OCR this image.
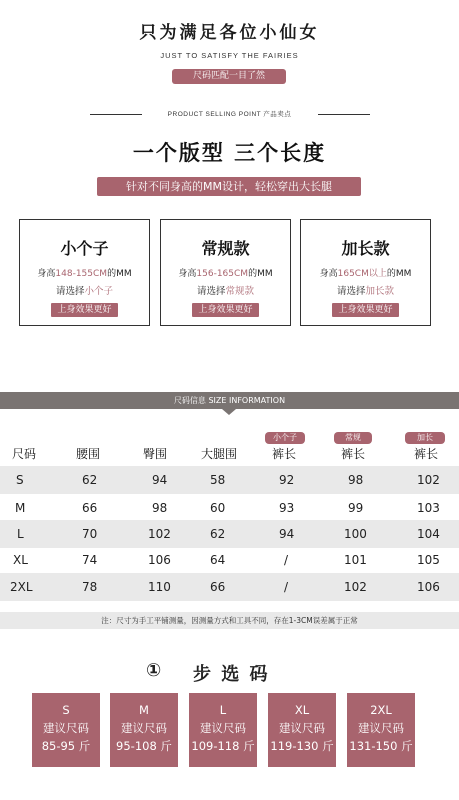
只为满足各位小仙女
JUST TO SATISFY THE FAIRIES
尺码匹配一目了然
PRODUCT SELLING POINT 产品卖点
一个版型 三个长度
针对不同身高的MM设计，轻松穿出大长腿
小个子
身高148-155CM的MM
请选择小个子
上身效果更好
常规款
身高156-165CM的MM
请选择常规款
上身效果更好
加长款
身高165CM以上的MM
请选择加长款
上身效果更好
尺码信息 SIZE INFORMATION
小个子	常规	加长
尺码	腰围	臀围	大腿围	裤长	裤长	裤长
S	62	94	58	92	98	102
M	66	98	60	93	99	103
L	70	102	62	94	100	104
XL	74	106	64	/	101	105
2XL	78	110	66	/	102	106
注：尺寸为手工平铺测量，因测量方式和工具不同，存在1-3CM误差属于正常
① 步 选 码
S
建议尺码
85-95 斤
M
建议尺码
95-108 斤
L
建议尺码
109-118 斤
XL
建议尺码
119-130 斤
2XL
建议尺码
131-150 斤
